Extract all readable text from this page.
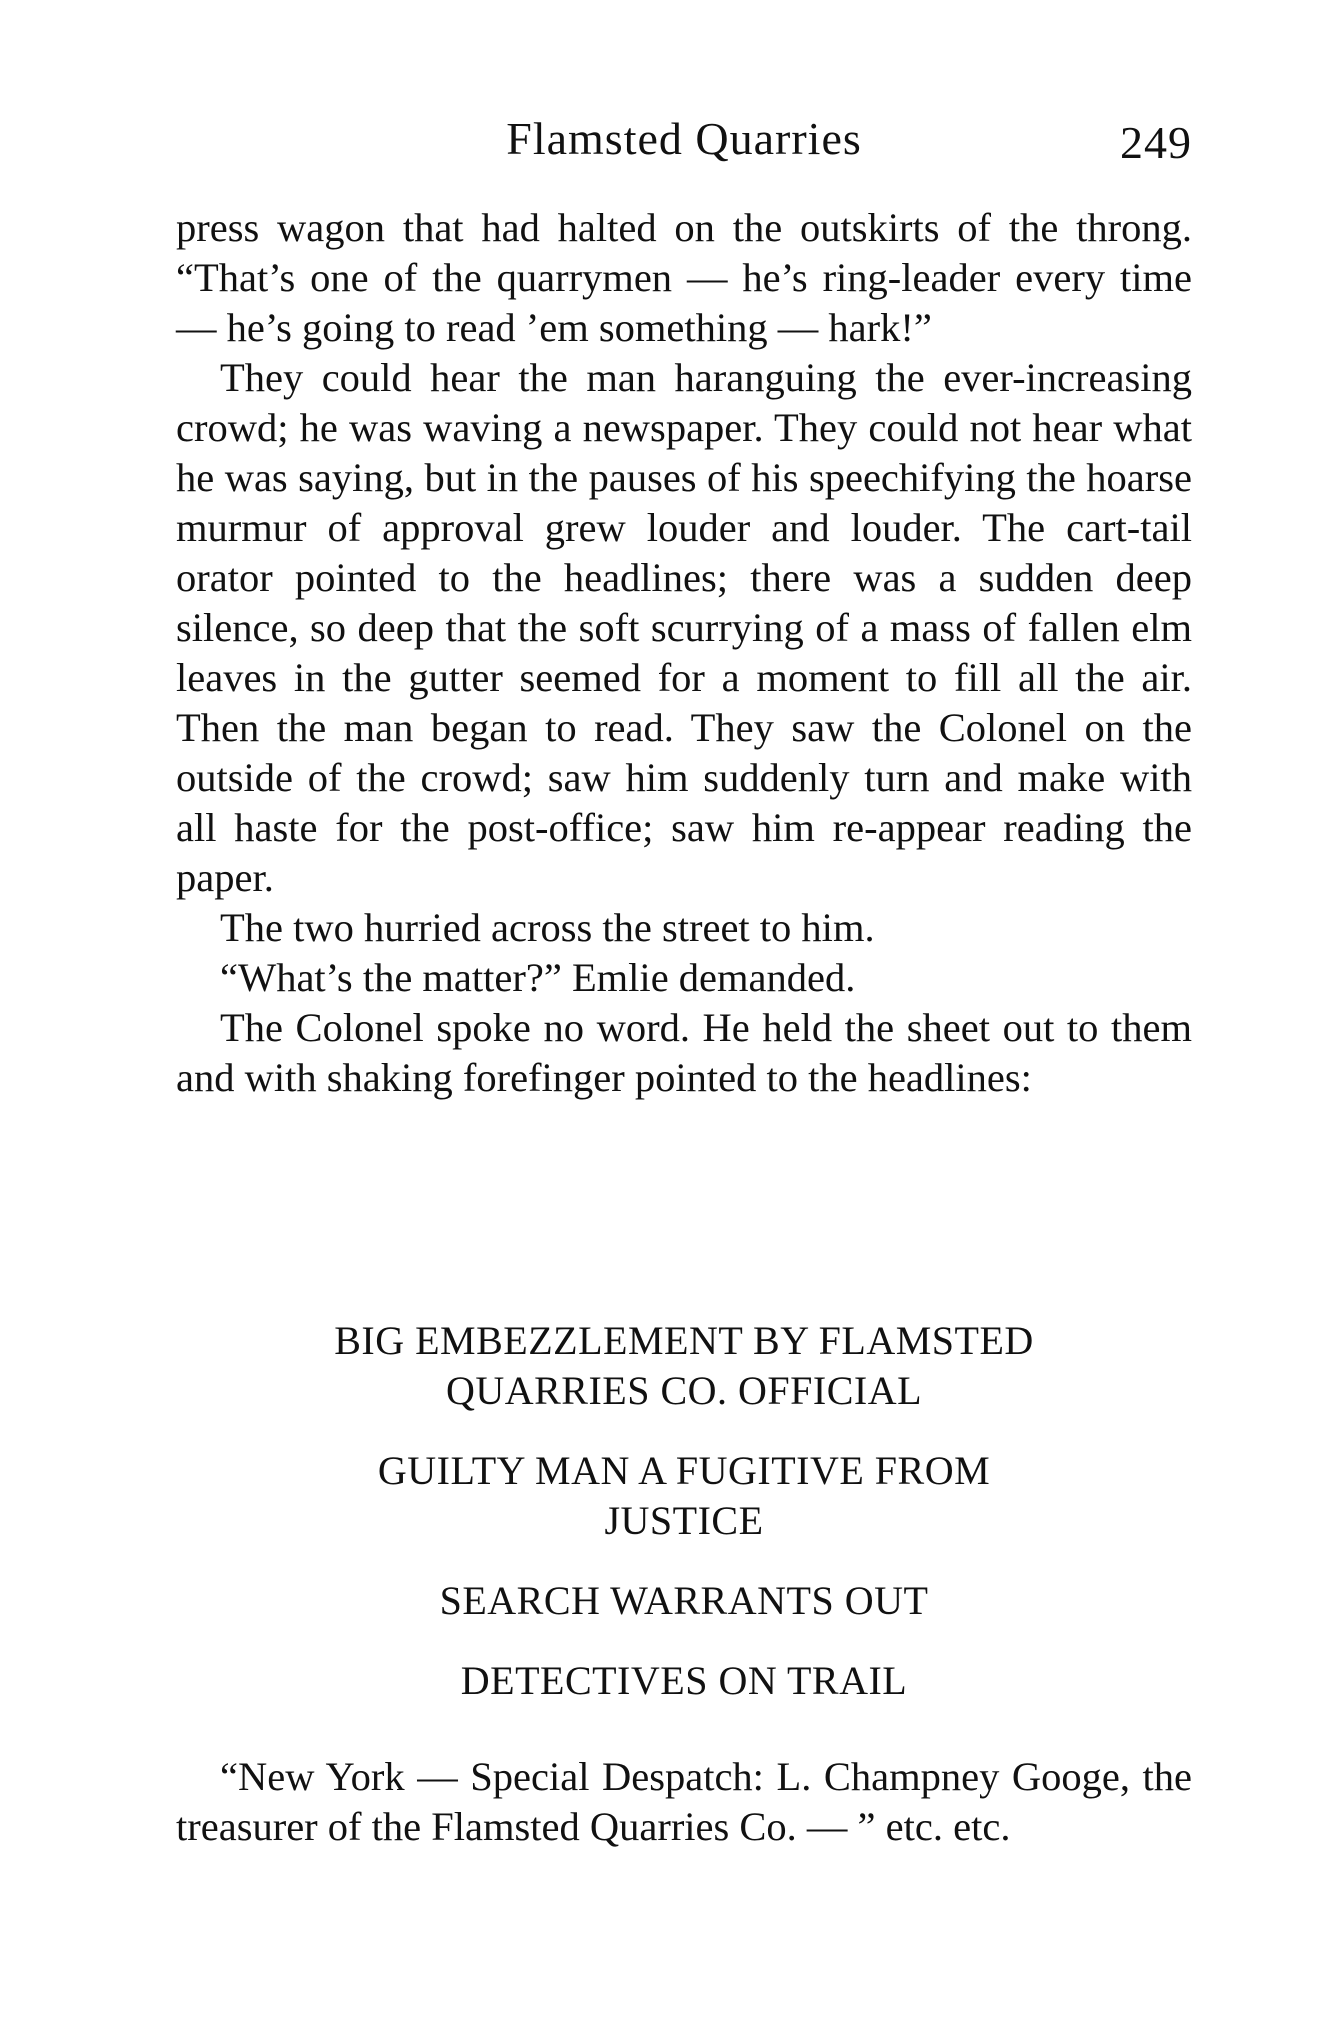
Flamsted Quarries	249

press wagon that had halted on the outskirts of the throng. “That’s one of the quarrymen — he’s ring-leader every time — he’s going to read ’em something — hark!”

They could hear the man haranguing the ever-increasing crowd; he was waving a newspaper. They could not hear what he was saying, but in the pauses of his speechifying the hoarse murmur of approval grew louder and louder. The cart-tail orator pointed to the headlines; there was a sudden deep silence, so deep that the soft scurrying of a mass of fallen elm leaves in the gutter seemed for a moment to fill all the air. Then the man began to read. They saw the Colonel on the outside of the crowd; saw him suddenly turn and make with all haste for the post-office; saw him re-appear reading the paper.

The two hurried across the street to him.

“What’s the matter?” Emlie demanded.

The Colonel spoke no word. He held the sheet out to them and with shaking forefinger pointed to the headlines:

BIG EMBEZZLEMENT BY FLAMSTED QUARRIES CO. OFFICIAL

GUILTY MAN A FUGITIVE FROM JUSTICE

SEARCH WARRANTS OUT

DETECTIVES ON TRAIL

“New York — Special Despatch: L. Champney Googe, the treasurer of the Flamsted Quarries Co. — ” etc. etc.
